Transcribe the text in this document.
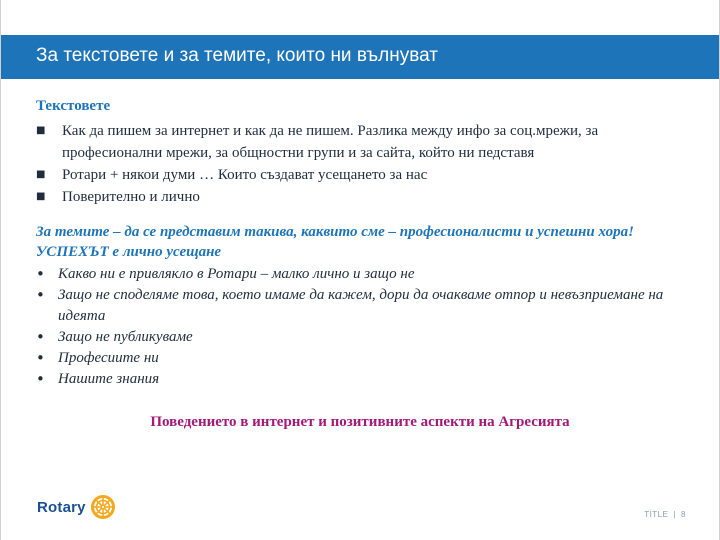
За текстовете и за темите, които ни вълнуват
Текстовете
■ Как да пишем за интернет и как да не пишем. Разлика между инфо за соц.мрежи, за професионални мрежи, за общностни групи и за сайта, който ни педставя
■ Ротари + някои думи … Които създават усещането за нас
■ Поверително и лично
За темите – да се представим такива, каквито сме – професионалисти и успешни хора! УСПЕХЪТ е лично усещане
• Какво ни е привлякло в Ротари – малко лично и защо не
• Защо не споделяме това, което имаме да кажем, дори да очакваме отпор и невъзприемане на идеята
• Защо не публикуваме
• Професиите ни
• Нашите знания
Поведението в интернет и позитивните аспекти на Агресията
Rotary	TITLE | 8
